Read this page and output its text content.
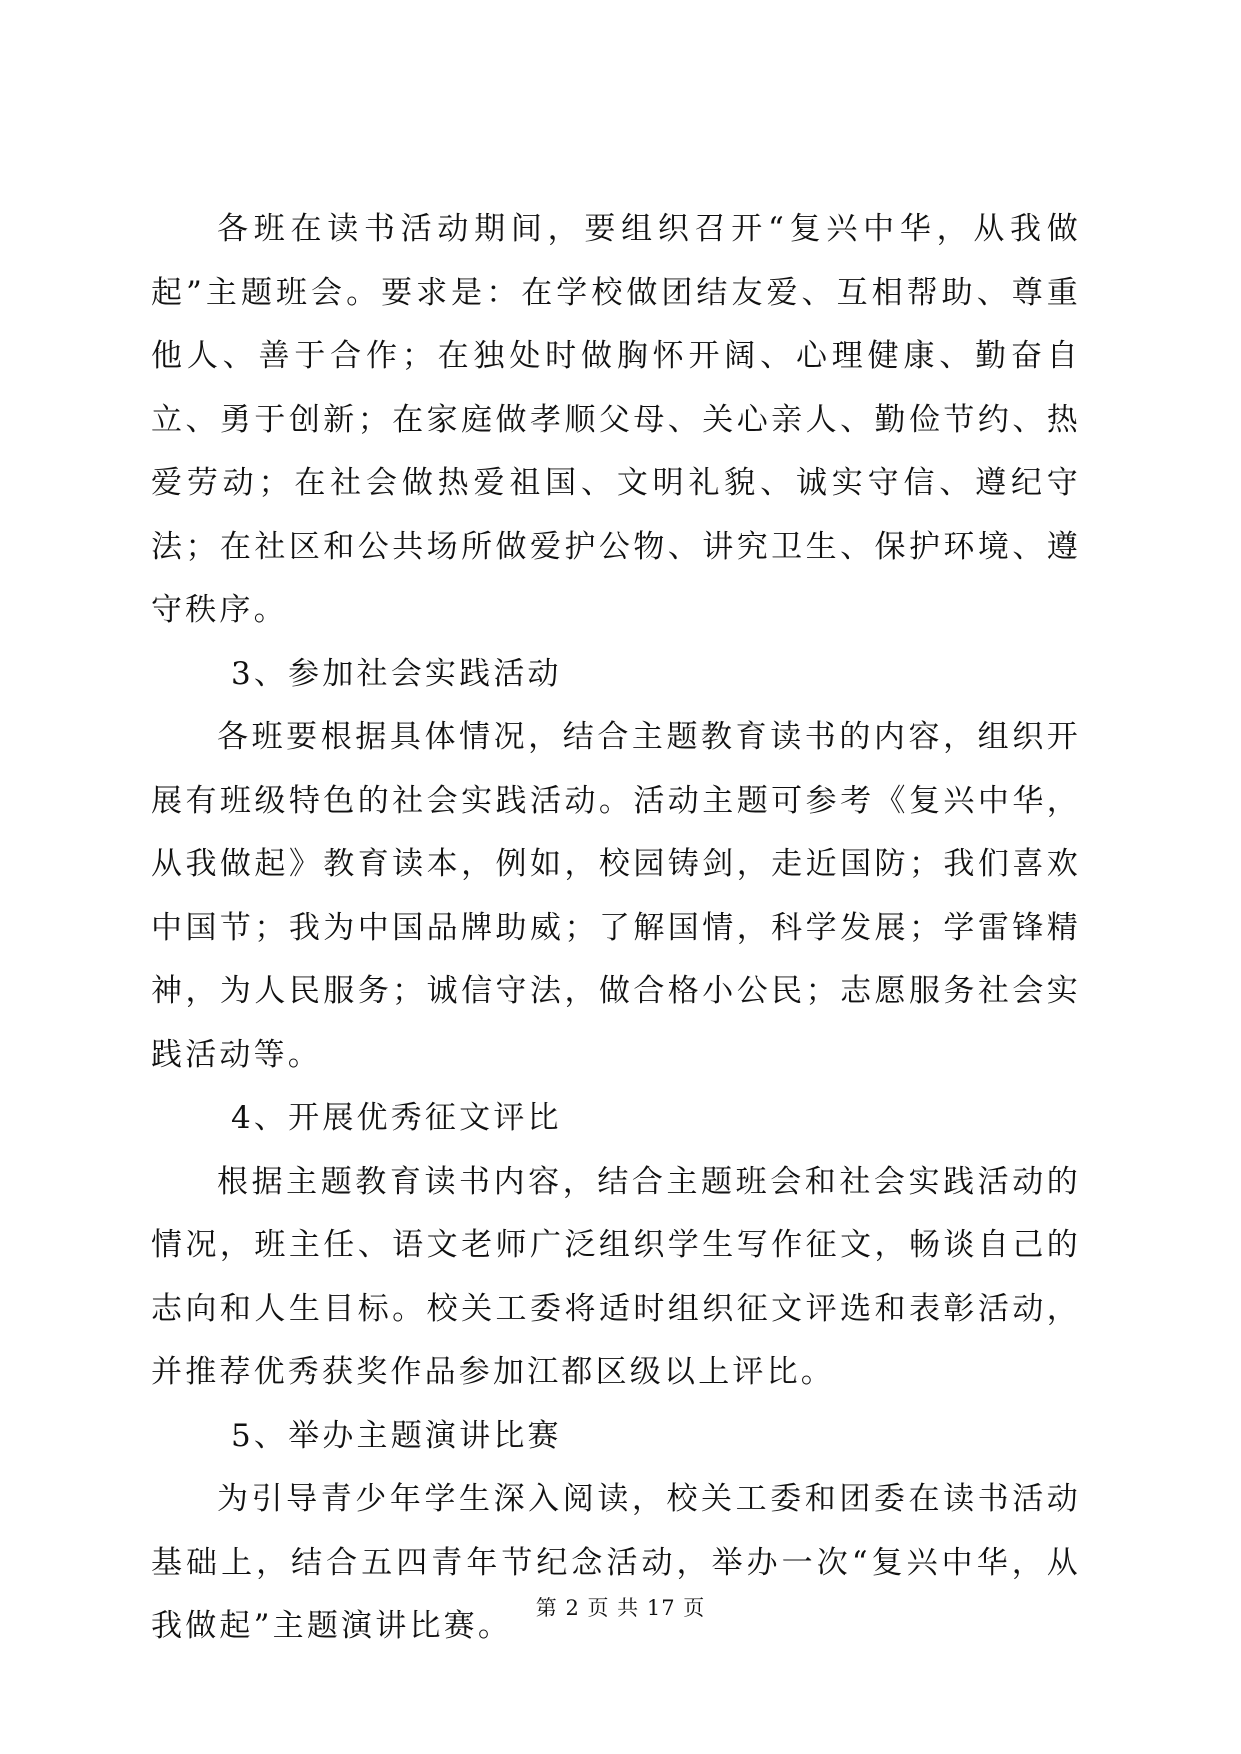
各班在读书活动期间，要组织召开“复兴中华，从我做起”主题班会。要求是：在学校做团结友爱、互相帮助、尊重他人、善于合作；在独处时做胸怀开阔、心理健康、勤奋自立、勇于创新；在家庭做孝顺父母、关心亲人、勤俭节约、热爱劳动；在社会做热爱祖国、文明礼貌、诚实守信、遵纪守法；在社区和公共场所做爱护公物、讲究卫生、保护环境、遵守秩序。

3、参加社会实践活动

各班要根据具体情况，结合主题教育读书的内容，组织开展有班级特色的社会实践活动。活动主题可参考《复兴中华，从我做起》教育读本，例如，校园铸剑，走近国防；我们喜欢中国节；我为中国品牌助威；了解国情，科学发展；学雷锋精神，为人民服务；诚信守法，做合格小公民；志愿服务社会实践活动等。

4、开展优秀征文评比

根据主题教育读书内容，结合主题班会和社会实践活动的情况，班主任、语文老师广泛组织学生写作征文，畅谈自己的志向和人生目标。校关工委将适时组织征文评选和表彰活动，并推荐优秀获奖作品参加江都区级以上评比。

5、举办主题演讲比赛

为引导青少年学生深入阅读，校关工委和团委在读书活动基础上，结合五四青年节纪念活动，举办一次“复兴中华，从我做起”主题演讲比赛。	第 2 页 共 17 页
